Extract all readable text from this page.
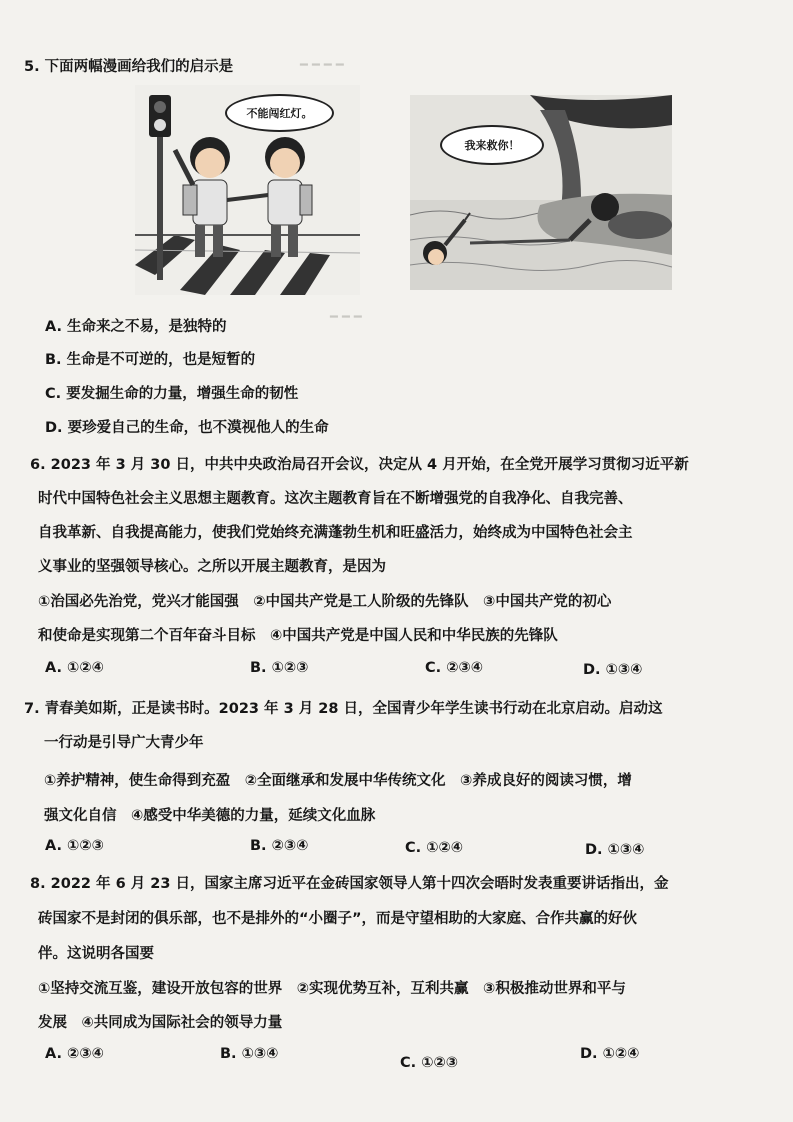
━ ━ ━ ━
━ ━ ━
5. 下面两幅漫画给我们的启示是
不能闯红灯。
我来救你！
A. 生命来之不易，是独特的
B. 生命是不可逆的，也是短暂的
C. 要发掘生命的力量，增强生命的韧性
D. 要珍爱自己的生命，也不漠视他人的生命
6. 2023 年 3 月 30 日，中共中央政治局召开会议，决定从 4 月开始，在全党开展学习贯彻习近平新
时代中国特色社会主义思想主题教育。这次主题教育旨在不断增强党的自我净化、自我完善、
自我革新、自我提高能力，使我们党始终充满蓬勃生机和旺盛活力，始终成为中国特色社会主
义事业的坚强领导核心。之所以开展主题教育，是因为
①治国必先治党，党兴才能国强　②中国共产党是工人阶级的先锋队　③中国共产党的初心
和使命是实现第二个百年奋斗目标　④中国共产党是中国人民和中华民族的先锋队
A. ①②④	B. ①②③	C. ②③④	D. ①③④
7. 青春美如斯，正是读书时。2023 年 3 月 28 日，全国青少年学生读书行动在北京启动。启动这
一行动是引导广大青少年
①养护精神，使生命得到充盈　②全面继承和发展中华传统文化　③养成良好的阅读习惯，增
强文化自信　④感受中华美德的力量，延续文化血脉
A. ①②③	B. ②③④	C. ①②④	D. ①③④
8. 2022 年 6 月 23 日，国家主席习近平在金砖国家领导人第十四次会晤时发表重要讲话指出，金
砖国家不是封闭的俱乐部，也不是排外的“小圈子”，而是守望相助的大家庭、合作共赢的好伙
伴。这说明各国要
①坚持交流互鉴，建设开放包容的世界　②实现优势互补，互利共赢　③积极推动世界和平与
发展　④共同成为国际社会的领导力量
A. ②③④	B. ①③④
C. ①②③
D. ①②④
